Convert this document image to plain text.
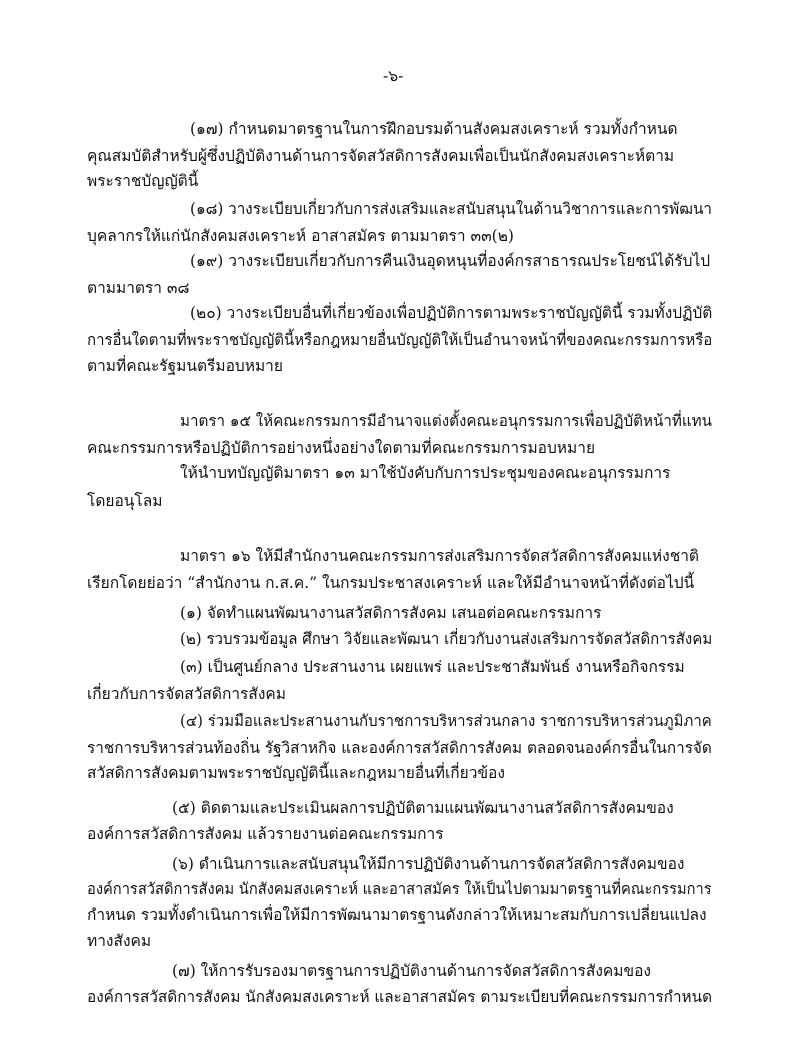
-๖-
(๑๗) กำหนดมาตรฐานในการฝึกอบรมด้านสังคมสงเคราะห์ รวมทั้งกำหนด
คุณสมบัติสำหรับผู้ซึ่งปฏิบัติงานด้านการจัดสวัสดิการสังคมเพื่อเป็นนักสังคมสงเคราะห์ตาม
พระราชบัญญัตินี้
(๑๘) วางระเบียบเกี่ยวกับการส่งเสริมและสนับสนุนในด้านวิชาการและการพัฒนา
บุคลากรให้แก่นักสังคมสงเคราะห์ อาสาสมัคร ตามมาตรา ๓๓(๒)
(๑๙) วางระเบียบเกี่ยวกับการคืนเงินอุดหนุนที่องค์กรสาธารณประโยชน์ได้รับไป
ตามมาตรา ๓๘
(๒๐) วางระเบียบอื่นที่เกี่ยวข้องเพื่อปฏิบัติการตามพระราชบัญญัตินี้ รวมทั้งปฏิบัติ
การอื่นใดตามที่พระราชบัญญัตินี้หรือกฎหมายอื่นบัญญัติให้เป็นอำนาจหน้าที่ของคณะกรรมการหรือ
ตามที่คณะรัฐมนตรีมอบหมาย
มาตรา ๑๕ ให้คณะกรรมการมีอำนาจแต่งตั้งคณะอนุกรรมการเพื่อปฏิบัติหน้าที่แทน
คณะกรรมการหรือปฏิบัติการอย่างหนึ่งอย่างใดตามที่คณะกรรมการมอบหมาย
ให้นำบทบัญญัติมาตรา ๑๓ มาใช้บังคับกับการประชุมของคณะอนุกรรมการ
โดยอนุโลม
มาตรา ๑๖ ให้มีสำนักงานคณะกรรมการส่งเสริมการจัดสวัสดิการสังคมแห่งชาติ
เรียกโดยย่อว่า “สำนักงาน ก.ส.ค.” ในกรมประชาสงเคราะห์ และให้มีอำนาจหน้าที่ดังต่อไปนี้
(๑) จัดทำแผนพัฒนางานสวัสดิการสังคม เสนอต่อคณะกรรมการ
(๒) รวบรวมข้อมูล ศึกษา วิจัยและพัฒนา เกี่ยวกับงานส่งเสริมการจัดสวัสดิการสังคม
(๓) เป็นศูนย์กลาง ประสานงาน เผยแพร่ และประชาสัมพันธ์ งานหรือกิจกรรม
เกี่ยวกับการจัดสวัสดิการสังคม
(๔) ร่วมมือและประสานงานกับราชการบริหารส่วนกลาง ราชการบริหารส่วนภูมิภาค
ราชการบริหารส่วนท้องถิ่น รัฐวิสาหกิจ และองค์การสวัสดิการสังคม ตลอดจนองค์กรอื่นในการจัด
สวัสดิการสังคมตามพระราชบัญญัตินี้และกฎหมายอื่นที่เกี่ยวข้อง
(๕) ติดตามและประเมินผลการปฏิบัติตามแผนพัฒนางานสวัสดิการสังคมของ
องค์การสวัสดิการสังคม แล้วรายงานต่อคณะกรรมการ
(๖) ดำเนินการและสนับสนุนให้มีการปฏิบัติงานด้านการจัดสวัสดิการสังคมของ
องค์การสวัสดิการสังคม นักสังคมสงเคราะห์ และอาสาสมัคร ให้เป็นไปตามมาตรฐานที่คณะกรรมการ
กำหนด รวมทั้งดำเนินการเพื่อให้มีการพัฒนามาตรฐานดังกล่าวให้เหมาะสมกับการเปลี่ยนแปลง
ทางสังคม
(๗) ให้การรับรองมาตรฐานการปฏิบัติงานด้านการจัดสวัสดิการสังคมของ
องค์การสวัสดิการสังคม นักสังคมสงเคราะห์ และอาสาสมัคร ตามระเบียบที่คณะกรรมการกำหนด
